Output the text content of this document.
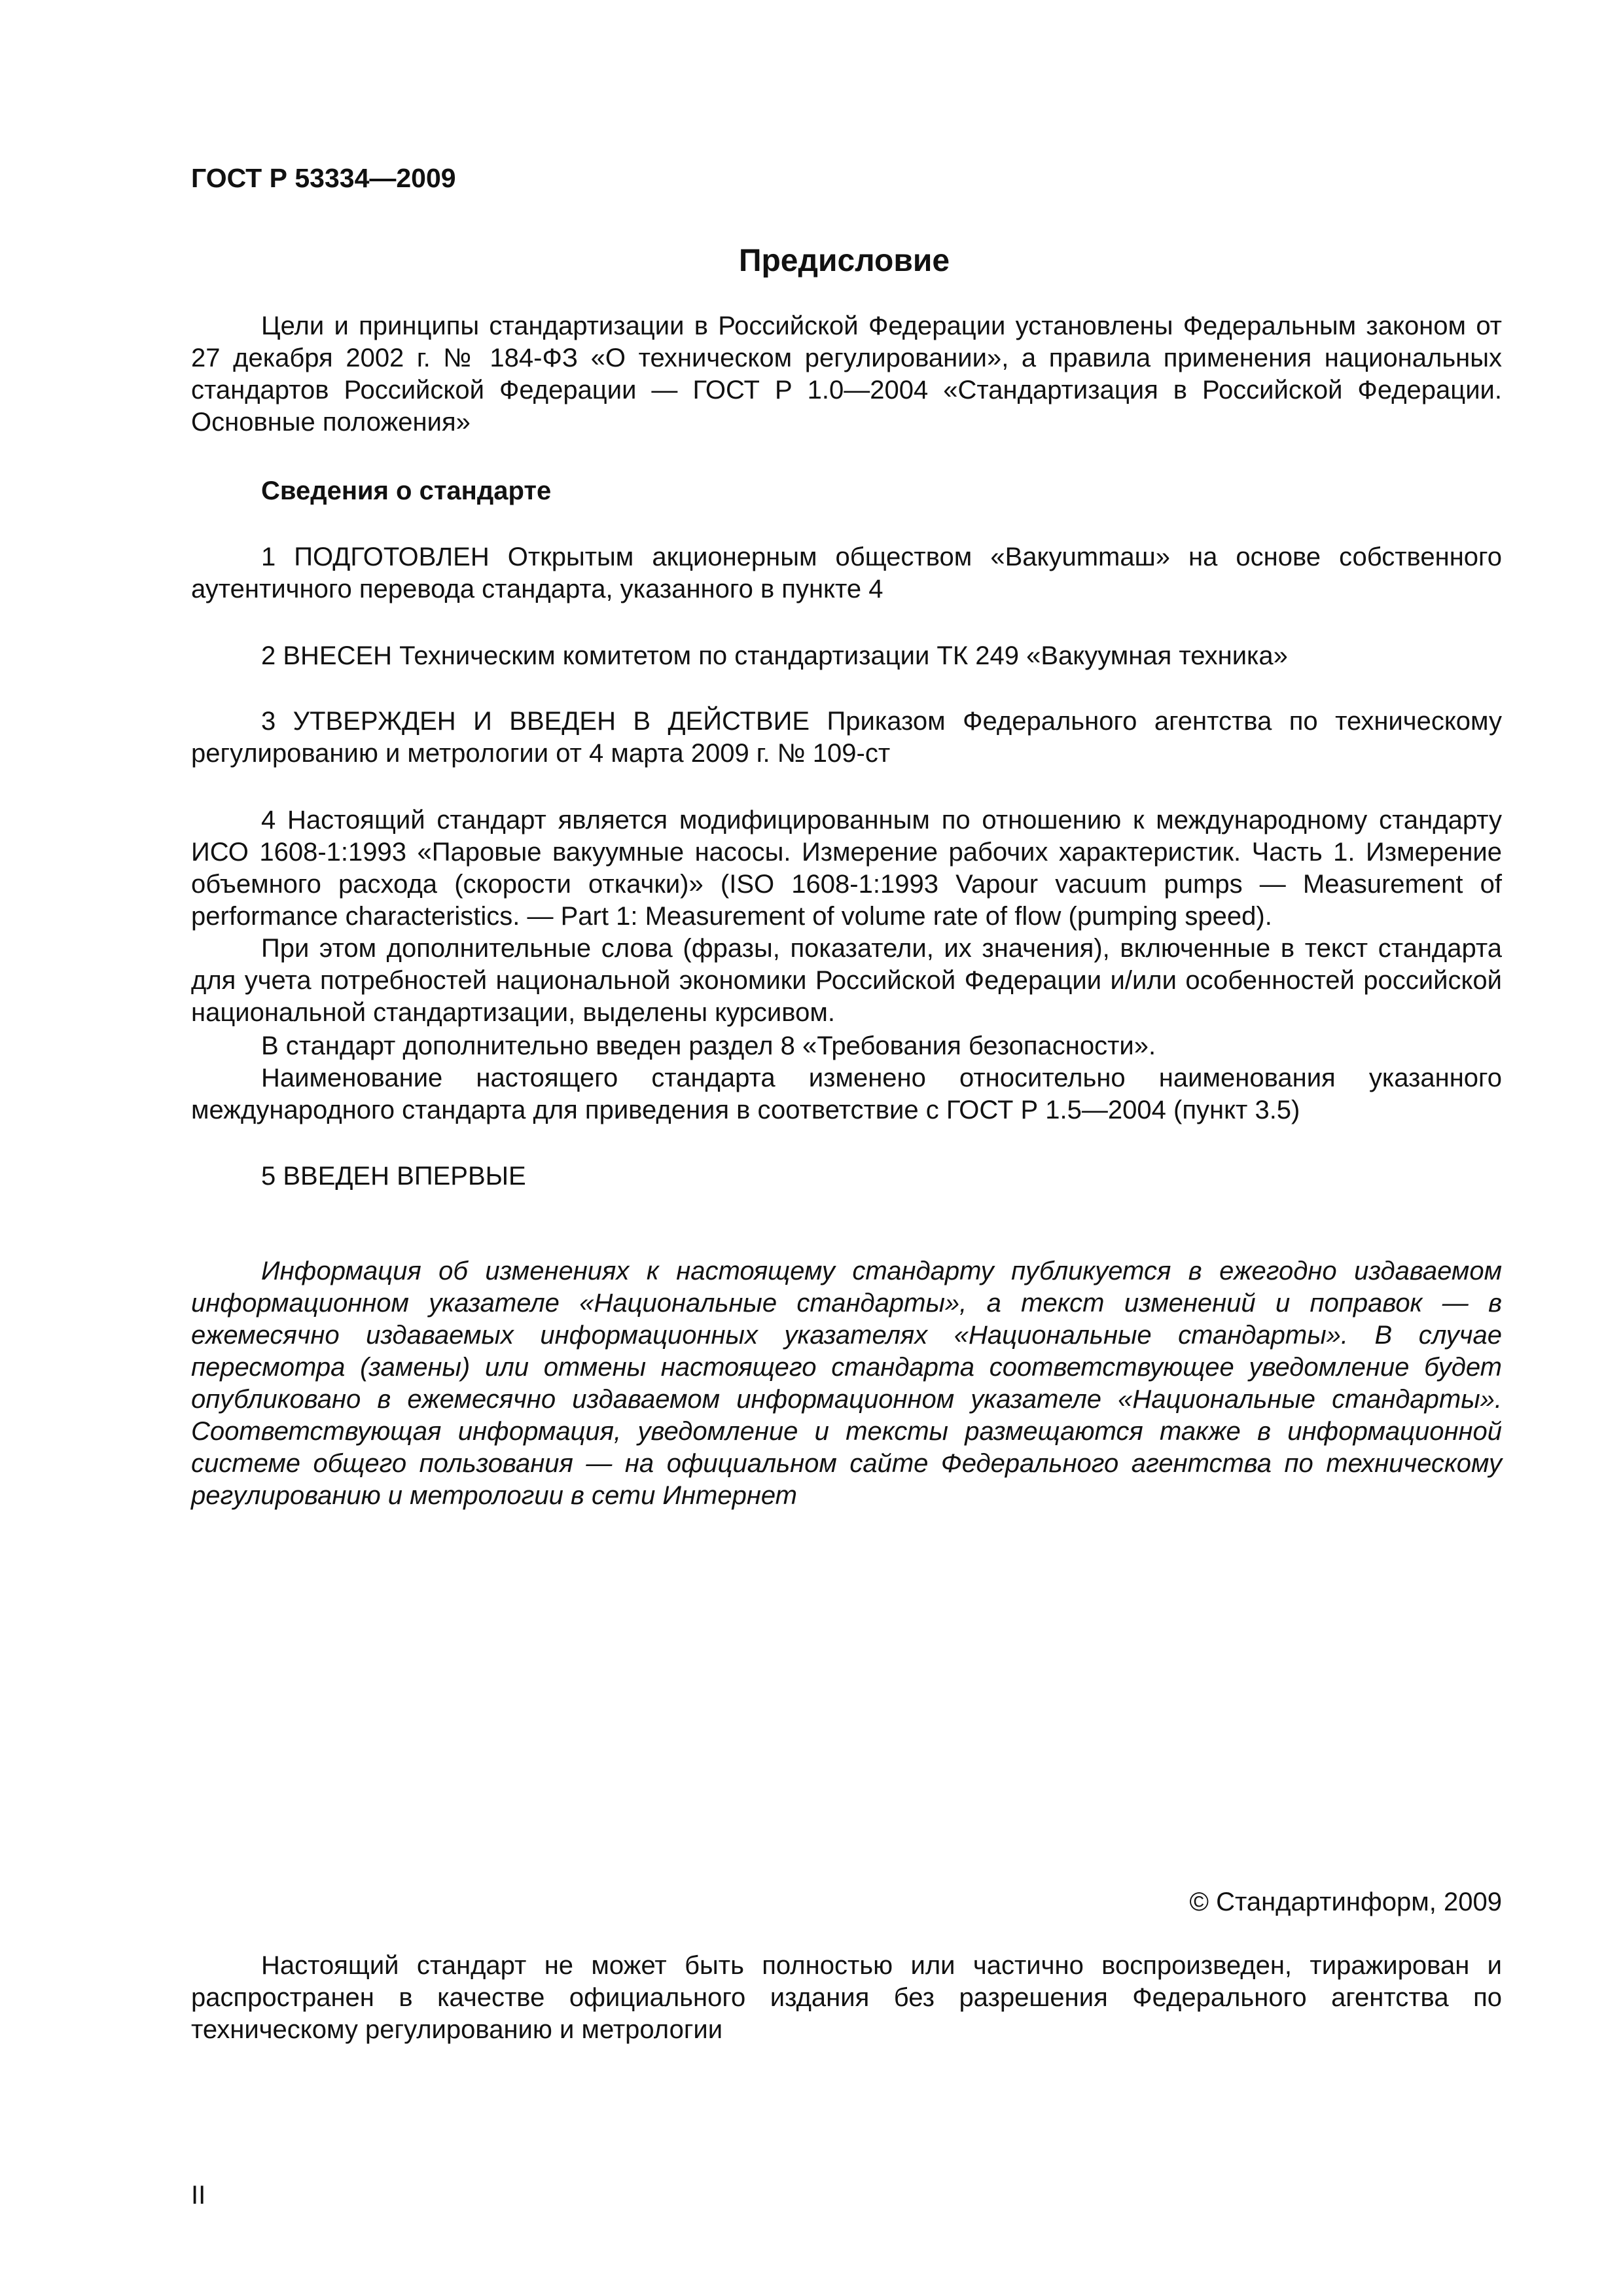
ГОСТ Р 53334—2009
Предисловие

Цели и принципы стандартизации в Российской Федерации установлены Федеральным законом от 27 декабря 2002 г. № 184-ФЗ «О техническом регулировании», а правила применения национальных стандартов Российской Федерации — ГОСТ Р 1.0—2004 «Стандартизация в Российской Федерации. Основные положения»

Сведения о стандарте

1 ПОДГОТОВЛЕН Открытым акционерным обществом «Вакуummаш» на основе собственного аутентичного перевода стандарта, указанного в пункте 4

2 ВНЕСЕН Техническим комитетом по стандартизации ТК 249 «Вакуумная техника»

3 УТВЕРЖДЕН И ВВЕДЕН В ДЕЙСТВИЕ Приказом Федерального агентства по техническому регулированию и метрологии от 4 марта 2009 г. № 109-ст

4 Настоящий стандарт является модифицированным по отношению к международному стандарту ИСО 1608-1:1993 «Паровые вакуумные насосы. Измерение рабочих характеристик. Часть 1. Измерение объемного расхода (скорости откачки)» (ISO 1608-1:1993 Vapour vacuum pumps — Measurement of performance characteristics. — Part 1: Measurement of volume rate of flow (pumping speed).

При этом дополнительные слова (фразы, показатели, их значения), включенные в текст стандарта для учета потребностей национальной экономики Российской Федерации и/или особенностей российской национальной стандартизации, выделены курсивом.

В стандарт дополнительно введен раздел 8 «Требования безопасности».

Наименование настоящего стандарта изменено относительно наименования указанного международного стандарта для приведения в соответствие с ГОСТ Р 1.5—2004 (пункт 3.5)

5 ВВЕДЕН ВПЕРВЫЕ

Информация об изменениях к настоящему стандарту публикуется в ежегодно издаваемом информационном указателе «Национальные стандарты», а текст изменений и поправок — в ежемесячно издаваемых информационных указателях «Национальные стандарты». В случае пересмотра (замены) или отмены настоящего стандарта соответствующее уведомление будет опубликовано в ежемесячно издаваемом информационном указателе «Национальные стандарты». Соответствующая информация, уведомление и тексты размещаются также в информационной системе общего пользования — на официальном сайте Федерального агентства по техническому регулированию и метрологии в сети Интернет

© Стандартинформ, 2009

Настоящий стандарт не может быть полностью или частично воспроизведен, тиражирован и распространен в качестве официального издания без разрешения Федерального агентства по техническому регулированию и метрологии

II
